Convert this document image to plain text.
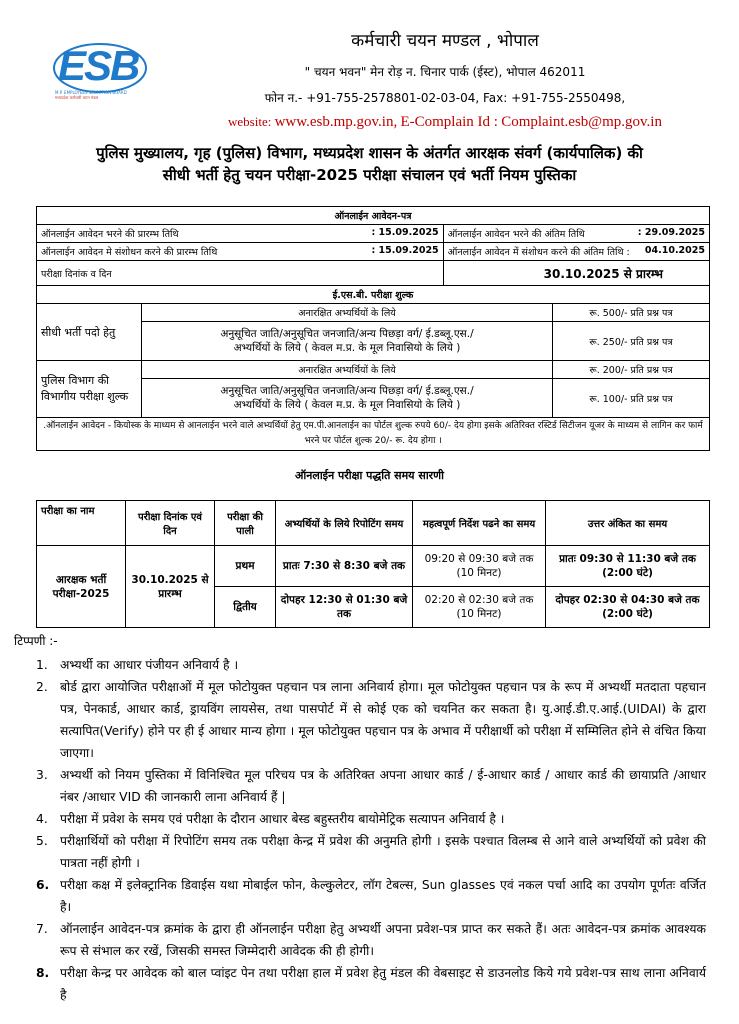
ESB
M.P. EMPLOYEES SELECTION BOARD
मध्यप्रदेश कर्मचारी चयन मंडल
कर्मचारी चयन मण्डल , भोपाल
" चयन भवन" मेन रोड़ न. चिनार पार्क (ईस्ट), भोपाल 462011
फोन न.- +91-755-2578801-02-03-04, Fax: +91-755-2550498,
website: www.esb.mp.gov.in, E-Complain Id : Complaint.esb@mp.gov.in
पुलिस मुख्यालय, गृह (पुलिस) विभाग, मध्यप्रदेश शासन के अंतर्गत आरक्षक संवर्ग (कार्यपालिक) की
सीधी भर्ती हेतु चयन परीक्षा-2025 परीक्षा संचालन एवं भर्ती नियम पुस्तिका
ऑनलाईन आवेदन-पत्र			
ऑनलाईन आवेदन भरने की प्रारम्भ तिथि : 15.09.2025		ऑनलाईन आवेदन भरने की अंतिम तिथि : 29.09.2025	

ऑनलाईन आवेदन मे संशोधन करने की प्रारम्भ तिथि : 15.09.2025		ऑनलाईन आवेदन में संशोधन करने की अंतिम तिथि : 04.10.2025	

परीक्षा दिनांक व दिन		30.10.2025 से प्रारम्भ	
ई.एस.बी. परीक्षा शुल्क			
सीधी भर्ती पदो हेतु	अनारक्षित अभ्यर्थियों के लिये		रू. 500/- प्रति प्रश्न पत्र

	अनुसूचित जाति/अनुसूचित जनजाति/अन्य पिछड़ा वर्ग/ ई.डब्लू.एस./
अभ्यर्थियों के लिये ( केवल म.प्र. के मूल निवासियो के लिये )		रू. 250/- प्रति प्रश्न पत्र
पुलिस विभाग की विभागीय परीक्षा शुल्क	अनारक्षित अभ्यर्थियों के लिये		रू. 200/- प्रति प्रश्न पत्र

	अनुसूचित जाति/अनुसूचित जनजाति/अन्य पिछड़ा वर्ग/ ई.डब्लू.एस./
अभ्यर्थियों के लिये ( केवल म.प्र. के मूल निवासियो के लिये )		रू. 100/- प्रति प्रश्न पत्र
.ऑनलाईन आवेदन - कियोस्क के माध्यम से आनलाईन भरने वाले अभ्यर्थियों हेतु एम.पी.आनलाईन का पोर्टल शुल्क रुपये 60/- देय होगा इसके अतिरिक्त रस्टिर्ड सिटीजन यूजर के माध्यम से लागिन कर फार्म भरने पर पोर्टल शुल्क 20/- रू. देय होगा ।			
ऑनलाईन परीक्षा पद्धति समय सारणी
परीक्षा का नाम	परीक्षा दिनांक एवं दिन	परीक्षा की पाली	अभ्यर्थियों के लिये रिपोटिंग समय	महत्वपूर्ण निर्देश पढने का समय	उत्तर अंकित का समय
आरक्षक भर्ती परीक्षा-2025	30.10.2025 से प्रारम्भ	प्रथम	प्रातः 7:30 से 8:30 बजे तक	09:20 से 09:30 बजे तक (10 मिनट)	प्रातः 09:30 से 11:30 बजे तक (2:00 घंटे)
		द्वितीय	दोपहर 12:30 से 01:30 बजे तक	02:20 से 02:30 बजे तक (10 मिनट)	दोपहर 02:30 से 04:30 बजे तक (2:00 घंटे)
टिप्पणी :-
1. अभ्यर्थी का आधार पंजीयन अनिवार्य है ।
2. बोर्ड द्वारा आयोजित परीक्षाओं में मूल फोटोयुक्त पहचान पत्र लाना अनिवार्य होगा। मूल फोटोयुक्त पहचान पत्र के रूप में अभ्यर्थी मतदाता पहचान पत्र, पेनकार्ड, आधार कार्ड, ड्रायविंग लायसेस, तथा पासपोर्ट में से कोई एक को चयनित कर सकता है। यु.आई.डी.ए.आई.(UIDAI) के द्वारा सत्यापित(Verify) होने पर ही ई आधार मान्य होगा । मूल फोटोयुक्त पहचान पत्र के अभाव में परीक्षार्थी को परीक्षा में सम्मिलित होने से वंचित किया जाएगा।
3. अभ्यर्थी को नियम पुस्तिका में विनिश्चित मूल परिचय पत्र के अतिरिक्त अपना आधार कार्ड / ई-आधार कार्ड / आधार कार्ड की छायाप्रति /आधार नंबर /आधार VID की जानकारी लाना अनिवार्य हैं |
4. परीक्षा में प्रवेश के समय एवं परीक्षा के दौरान आधार बेस्ड बहुस्तरीय बायोमेट्रिक सत्यापन अनिवार्य है ।
5. परीक्षार्थियों को परीक्षा में रिपोटिंग समय तक परीक्षा केन्द्र में प्रवेश की अनुमति होगी । इसके पश्चात विलम्ब से आने वाले अभ्यर्थियों को प्रवेश की पात्रता नहीं होगी ।
6. परीक्षा कक्ष में इलेक्ट्रानिक डिवाईस यथा मोबाईल फोन, केल्कुलेटर, लॉग टेबल्स, Sun glasses एवं नकल पर्चा आदि का उपयोग पूर्णतः वर्जित है।
7. ऑनलाईन आवेदन-पत्र क्रमांक के द्वारा ही ऑनलाईन परीक्षा हेतु अभ्यर्थी अपना प्रवेश-पत्र प्राप्त कर सकते हैं। अतः आवेदन-पत्र क्रमांक आवश्यक रूप से संभाल कर रखें, जिसकी समस्त जिम्मेदारी आवेदक की ही होगी।
8. परीक्षा केन्द्र पर आवेदक को बाल प्वांइट पेन तथा परीक्षा हाल में प्रवेश हेतु मंडल की वेबसाइट से डाउनलोड किये गये प्रवेश-पत्र साथ लाना अनिवार्य है
